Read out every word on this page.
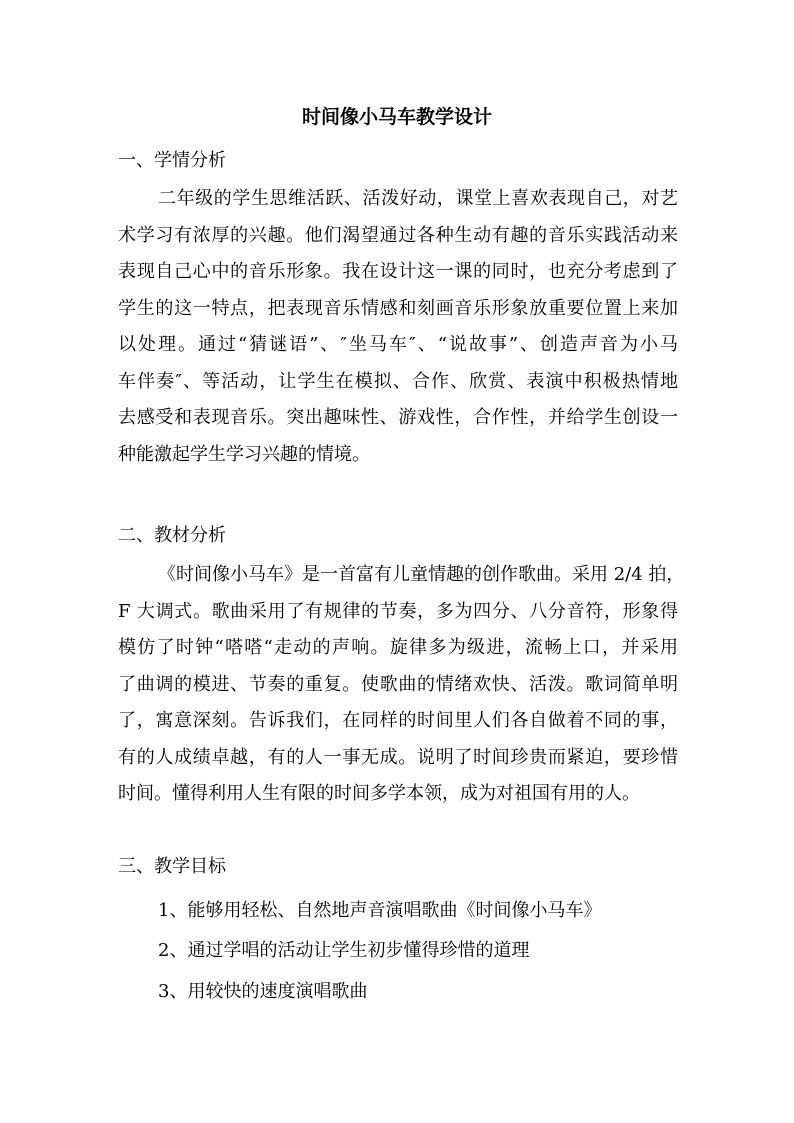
时间像小马车教学设计
一、学情分析
二年级的学生思维活跃、活泼好动，课堂上喜欢表现自己，对艺
术学习有浓厚的兴趣。他们渴望通过各种生动有趣的音乐实践活动来
表现自己心中的音乐形象。我在设计这一课的同时，也充分考虑到了
学生的这一特点，把表现音乐情感和刻画音乐形象放重要位置上来加
以处理。通过“猜谜语”、″坐马车″、“说故事”、创造声音为小马
车伴奏″、等活动，让学生在模拟、合作、欣赏、表演中积极热情地
去感受和表现音乐。突出趣味性、游戏性，合作性，并给学生创设一
种能激起学生学习兴趣的情境。
二、教材分析
《时间像小马车》是一首富有儿童情趣的创作歌曲。采用 2/4 拍，
F 大调式。歌曲采用了有规律的节奏，多为四分、八分音符，形象得
模仿了时钟“嗒嗒“走动的声响。旋律多为级进，流畅上口，并采用
了曲调的模进、节奏的重复。使歌曲的情绪欢快、活泼。歌词简单明
了，寓意深刻。告诉我们，在同样的时间里人们各自做着不同的事，
有的人成绩卓越，有的人一事无成。说明了时间珍贵而紧迫，要珍惜
时间。懂得利用人生有限的时间多学本领，成为对祖国有用的人。
三、教学目标
1、能够用轻松、自然地声音演唱歌曲《时间像小马车》
2、通过学唱的活动让学生初步懂得珍惜的道理
3、用较快的速度演唱歌曲
